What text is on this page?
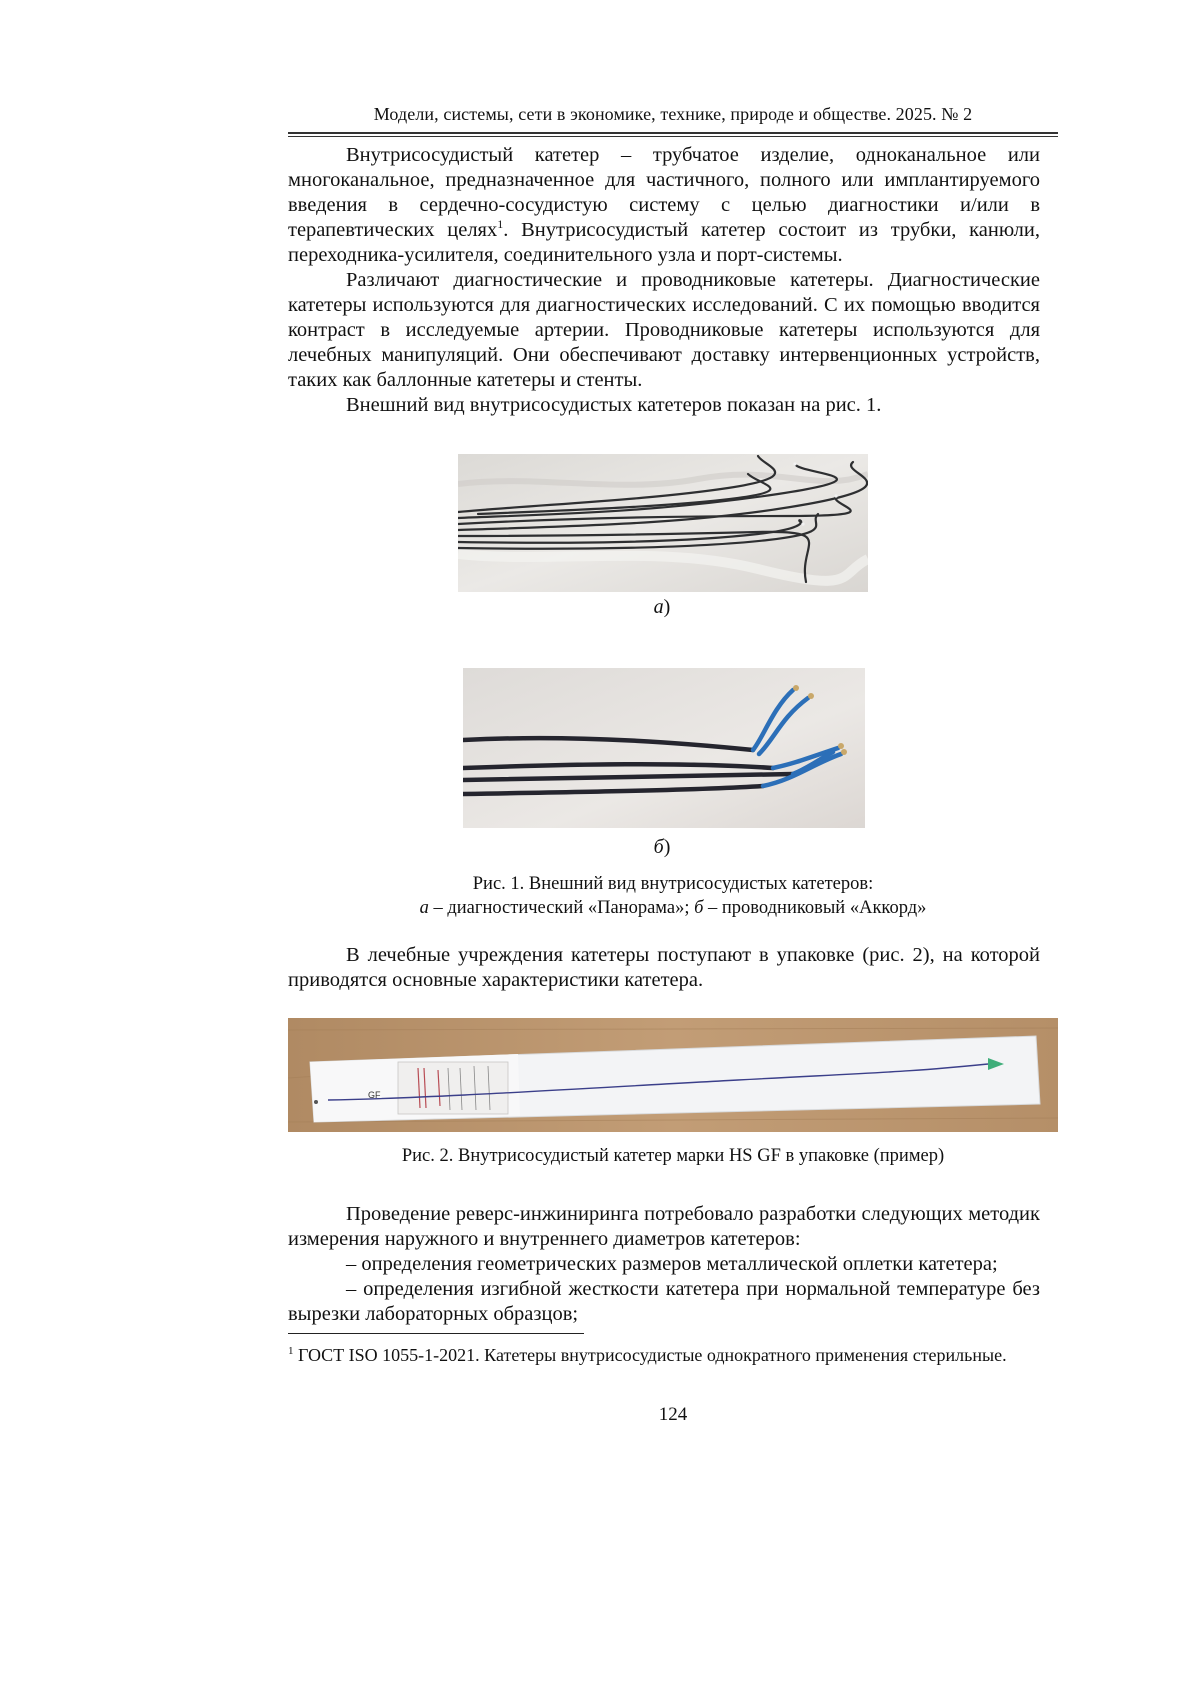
Модели, системы, сети в экономике, технике, природе и обществе. 2025. № 2

Внутрисосудистый катетер – трубчатое изделие, одноканальное или многоканальное, предназначенное для частичного, полного или имплантируемого введения в сердечно-сосудистую систему с целью диагностики и/или в терапевтических целях$^1$. Внутрисосудистый катетер состоит из трубки, канюли, переходника-усилителя, соединительного узла и порт-системы.

Различают диагностические и проводниковые катетеры. Диагностические катетеры используются для диагностических исследований. С их помощью вводится контраст в исследуемые артерии. Проводниковые катетеры используются для лечебных манипуляций. Они обеспечивают доставку интервенционных устройств, таких как баллонные катетеры и стенты.

Внешний вид внутрисосудистых катетеров показан на рис. 1.

а)
б)
Рис. 1. Внешний вид внутрисосудистых катетеров:
а – диагностический «Панорама»; б – проводниковый «Аккорд»

В лечебные учреждения катетеры поступают в упаковке (рис. 2), на которой приводятся основные характеристики катетера.

GF
Рис. 2. Внутрисосудистый катетер марки HS GF в упаковке (пример)

Проведение реверс-инжиниринга потребовало разработки следующих методик измерения наружного и внутреннего диаметров катетеров:

– определения геометрических размеров металлической оплетки катетера;

– определения изгибной жесткости катетера при нормальной температуре без вырезки лабораторных образцов;

$^1$ ГОСТ ISO 1055-1-2021. Катетеры внутрисосудистые однократного применения стерильные.
124
